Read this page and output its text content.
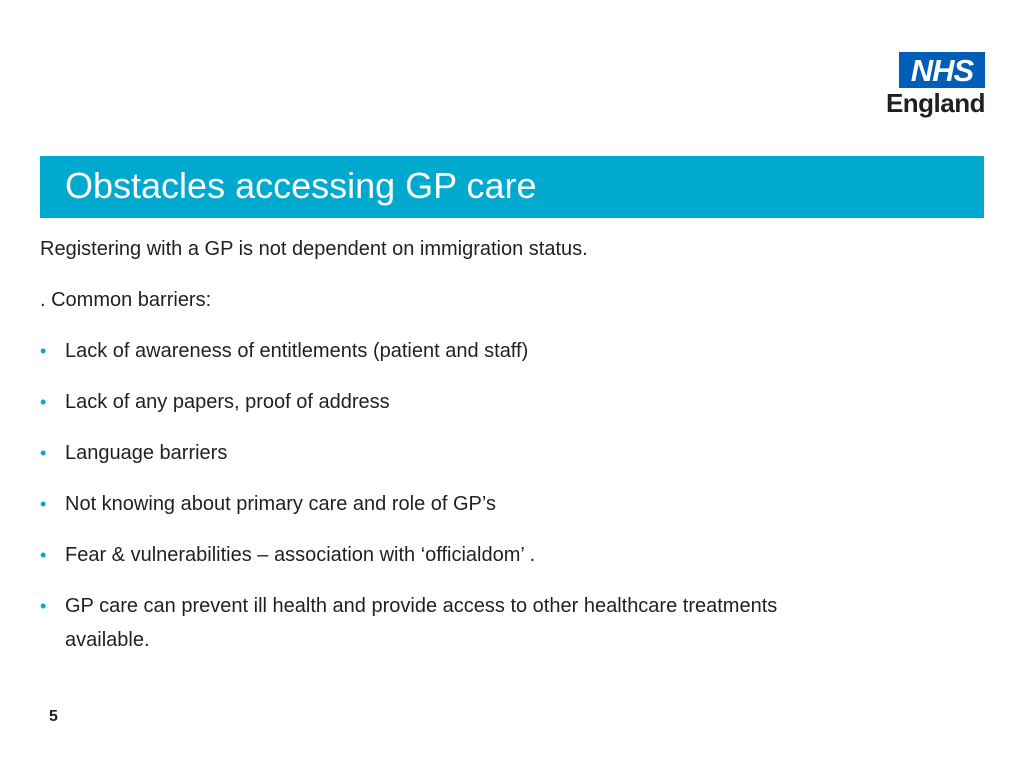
NHS
England
Obstacles accessing GP care
Registering with a GP is not dependent on immigration status.
. Common barriers:
• Lack of awareness of entitlements (patient and staff)
• Lack of any papers, proof of address
• Language barriers
• Not knowing about primary care and role of GP’s
• Fear & vulnerabilities – association with ‘officialdom’ .
• GP care can prevent ill health and provide access to other healthcare treatments available.
5
